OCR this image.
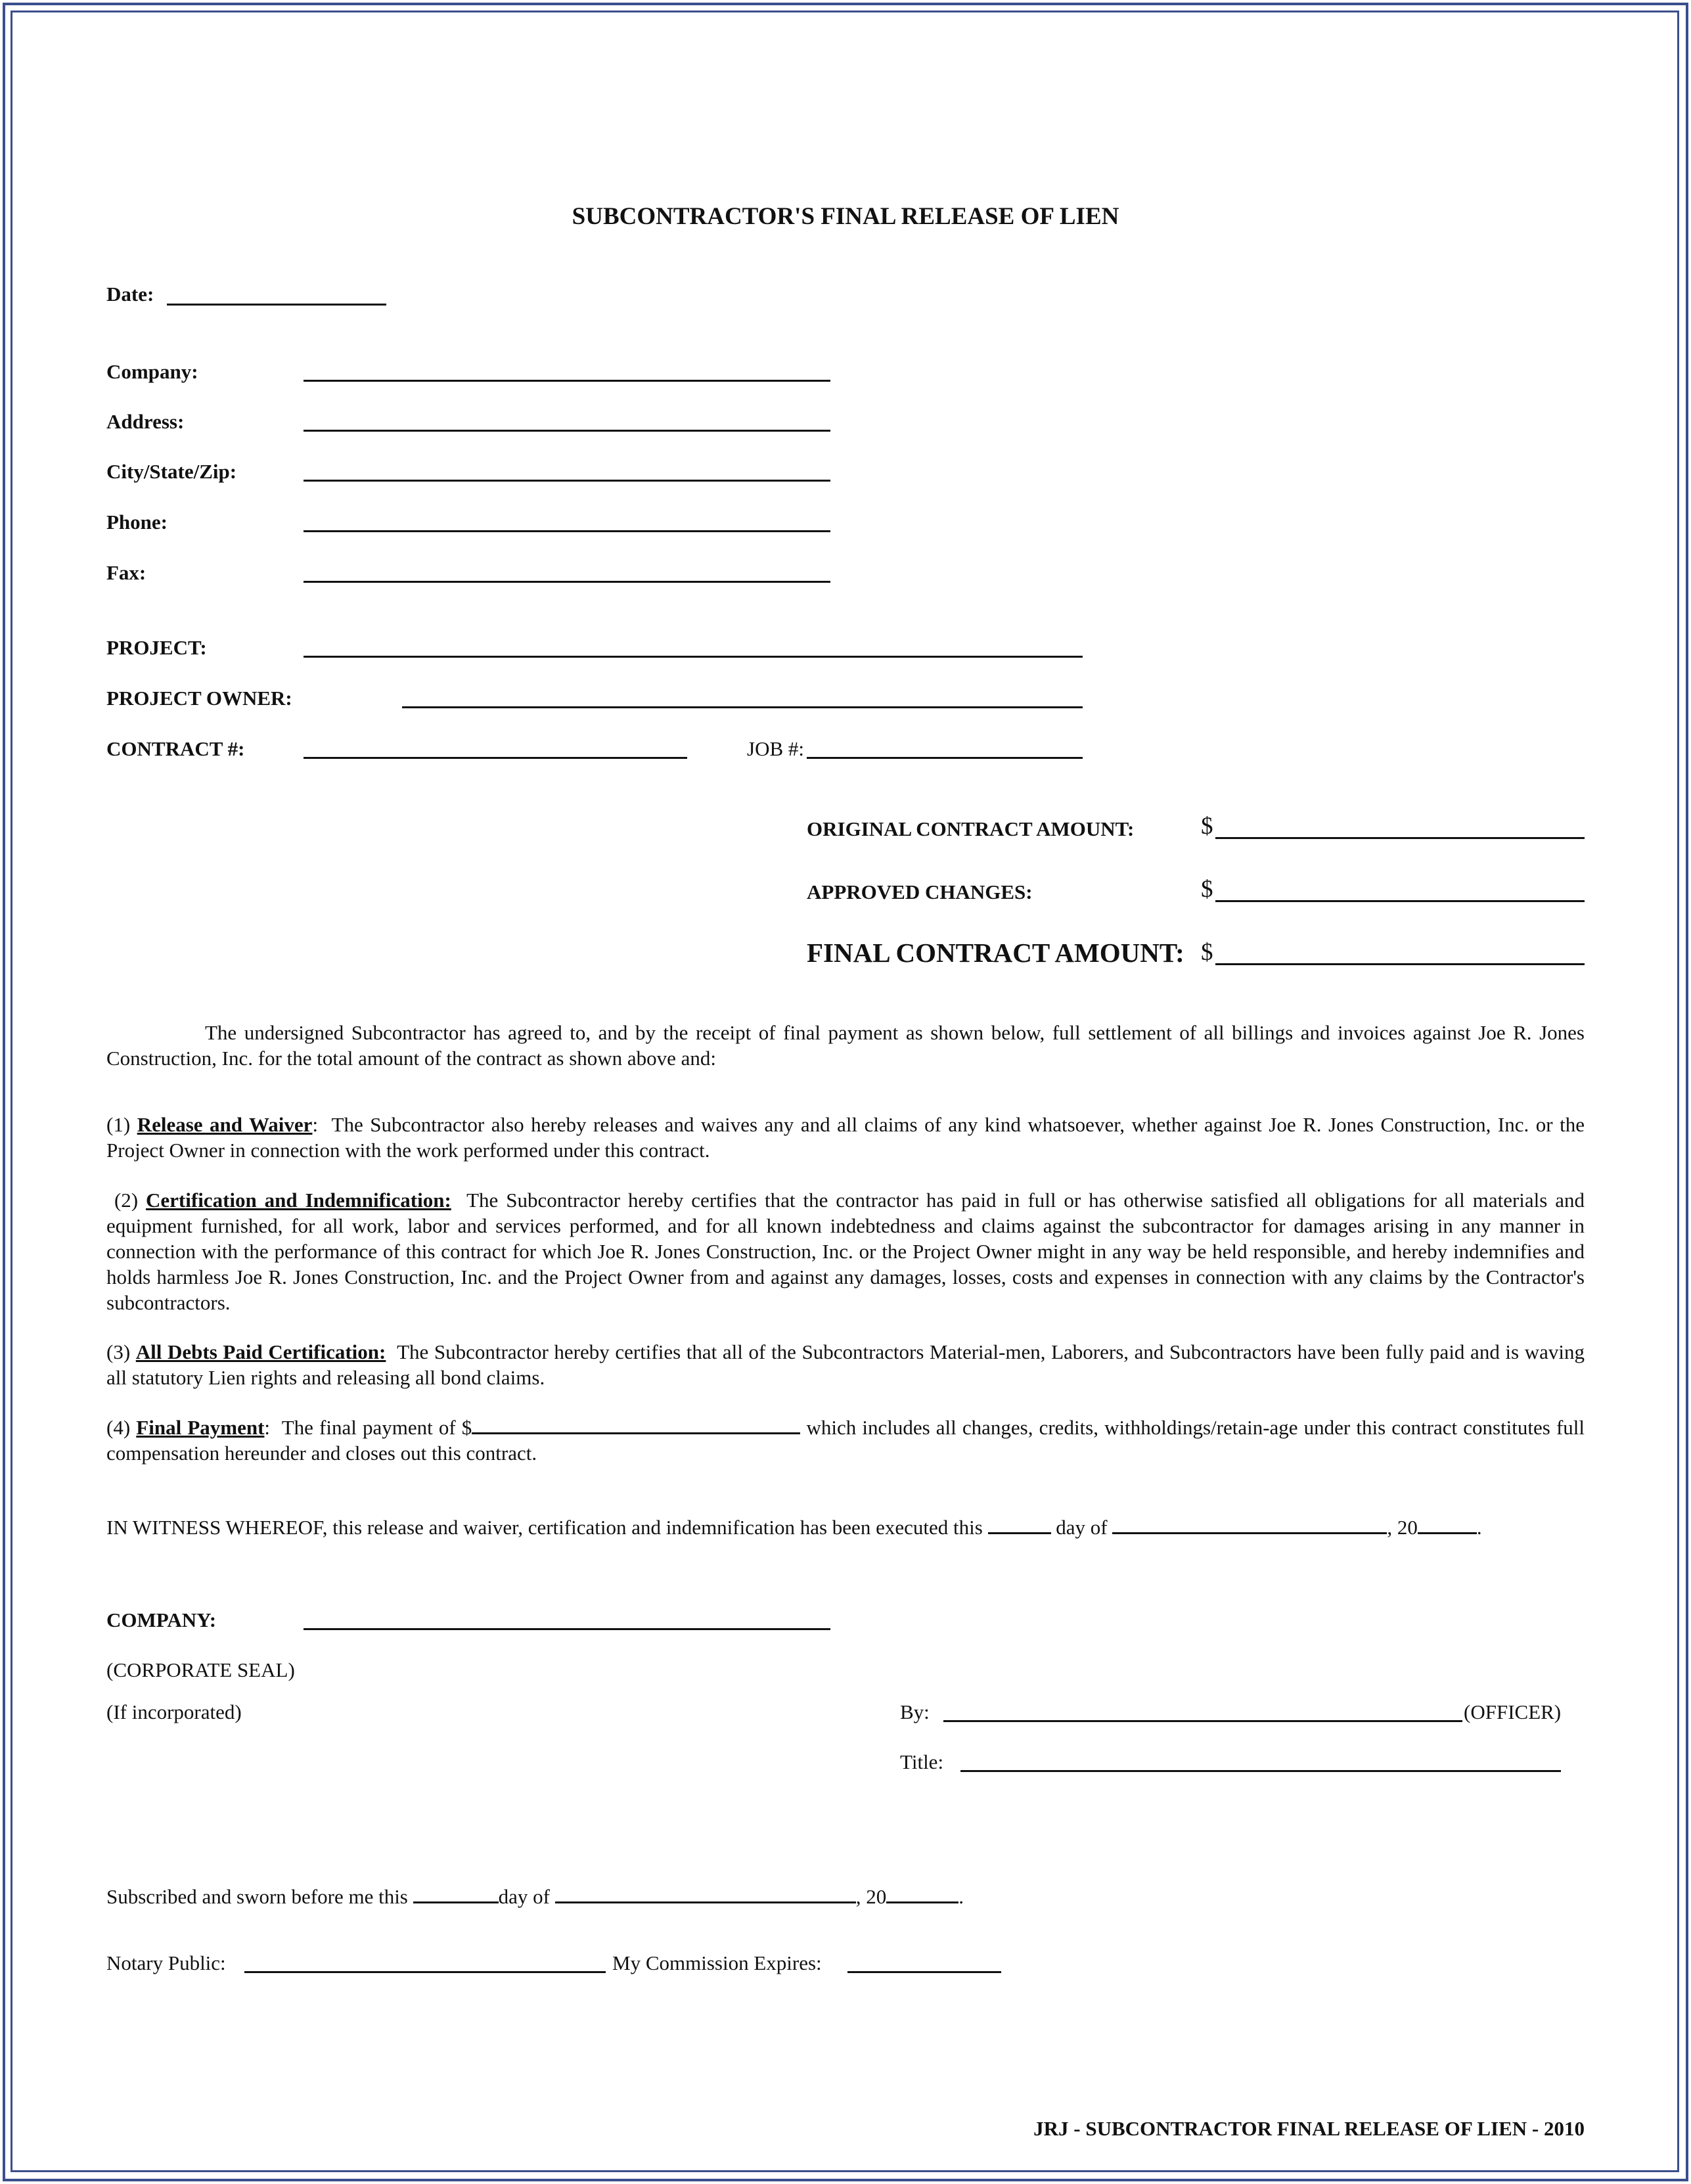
SUBCONTRACTOR'S FINAL RELEASE OF LIEN
Date:
Company:
Address:
City/State/Zip:
Phone:
Fax:
PROJECT:
PROJECT OWNER:
CONTRACT #:	JOB #:
ORIGINAL CONTRACT AMOUNT:	$
APPROVED CHANGES:	$
FINAL CONTRACT AMOUNT: $
The undersigned Subcontractor has agreed to, and by the receipt of final payment as shown below, full settlement of all billings and invoices against Joe R. Jones Construction, Inc. for the total amount of the contract as shown above and:
(1) Release and Waiver:  The Subcontractor also hereby releases and waives any and all claims of any kind whatsoever, whether against Joe R. Jones Construction, Inc. or the Project Owner in connection with the work performed under this contract.
(2) Certification and Indemnification: The Subcontractor hereby certifies that the contractor has paid in full or has otherwise satisfied all obligations for all materials and equipment furnished, for all work, labor and services performed, and for all known indebtedness and claims against the subcontractor for damages arising in any manner in connection with the performance of this contract for which Joe R. Jones Construction, Inc. or the Project Owner might in any way be held responsible, and hereby indemnifies and holds harmless Joe R. Jones Construction, Inc. and the Project Owner from and against any damages, losses, costs and expenses in connection with any claims by the Contractor's subcontractors.
(3) All Debts Paid Certification: The Subcontractor hereby certifies that all of the Subcontractors Material-men, Laborers, and Subcontractors have been fully paid and is waving all statutory Lien rights and releasing all bond claims.
(4) Final Payment:  The final payment of $	which includes all changes, credits, withholdings/retain-age under this contract constitutes full compensation hereunder and closes out this contract.
IN WITNESS WHEREOF, this release and waiver, certification and indemnification has been executed this	day of	, 20	.
COMPANY:
(CORPORATE SEAL)
(If incorporated)	By:	(OFFICER)
Title:
Subscribed and sworn before me this	day of	, 20	.
Notary Public:	My Commission Expires:
JRJ - SUBCONTRACTOR FINAL RELEASE OF LIEN - 2010
